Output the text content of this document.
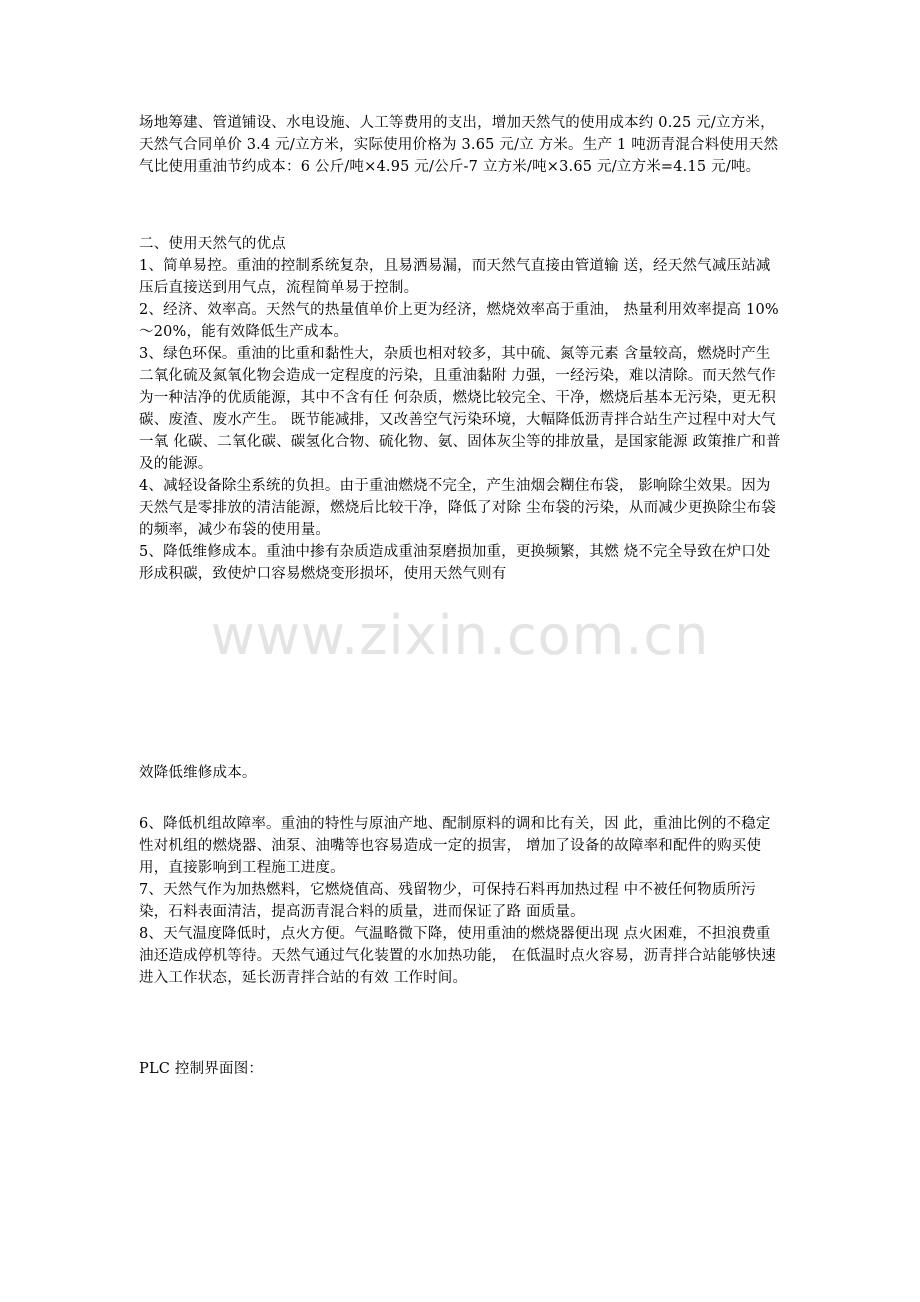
场地筹建、管道铺设、水电设施、人工等费用的支出，增加天然气的使用成本约 0.25 元/立方米，天然气合同单价 3.4 元/立方米，实际使用价格为 3.65 元/立 方米。生产 1 吨沥青混合料使用天然气比使用重油节约成本：6 公斤/吨×4.95 元/公斤-7 立方米/吨×3.65 元/立方米=4.15 元/吨。

二、使用天然气的优点

1、简单易控。重油的控制系统复杂，且易洒易漏，而天然气直接由管道输 送，经天然气减压站减压后直接送到用气点，流程简单易于控制。

2、经济、效率高。天然气的热量值单价上更为经济，燃烧效率高于重油， 热量利用效率提高 10%～20%，能有效降低生产成本。

3、绿色环保。重油的比重和黏性大，杂质也相对较多，其中硫、氮等元素 含量较高，燃烧时产生二氧化硫及氮氧化物会造成一定程度的污染，且重油黏附 力强，一经污染，难以清除。而天然气作为一种洁净的优质能源，其中不含有任 何杂质，燃烧比较完全、干净，燃烧后基本无污染，更无积碳、废渣、废水产生。 既节能减排，又改善空气污染环境，大幅降低沥青拌合站生产过程中对大气一氧 化碳、二氧化碳、碳氢化合物、硫化物、氨、固体灰尘等的排放量，是国家能源 政策推广和普及的能源。

4、减轻设备除尘系统的负担。由于重油燃烧不完全，产生油烟会糊住布袋， 影响除尘效果。因为天然气是零排放的清洁能源，燃烧后比较干净，降低了对除 尘布袋的污染，从而减少更换除尘布袋的频率，减少布袋的使用量。

5、降低维修成本。重油中掺有杂质造成重油泵磨损加重，更换频繁，其燃 烧不完全导致在炉口处形成积碳，致使炉口容易燃烧变形损坏，使用天然气则有

www.zixin.com.cn

效降低维修成本。

6、降低机组故障率。重油的特性与原油产地、配制原料的调和比有关，因 此，重油比例的不稳定性对机组的燃烧器、油泵、油嘴等也容易造成一定的损害， 增加了设备的故障率和配件的购买使用，直接影响到工程施工进度。

7、天然气作为加热燃料，它燃烧值高、残留物少，可保持石料再加热过程 中不被任何物质所污染，石料表面清洁，提高沥青混合料的质量，进而保证了路 面质量。

8、天气温度降低时，点火方便。气温略微下降，使用重油的燃烧器便出现 点火困难，不担浪费重油还造成停机等待。天然气通过气化装置的水加热功能， 在低温时点火容易，沥青拌合站能够快速进入工作状态，延长沥青拌合站的有效 工作时间。

PLC 控制界面图：
